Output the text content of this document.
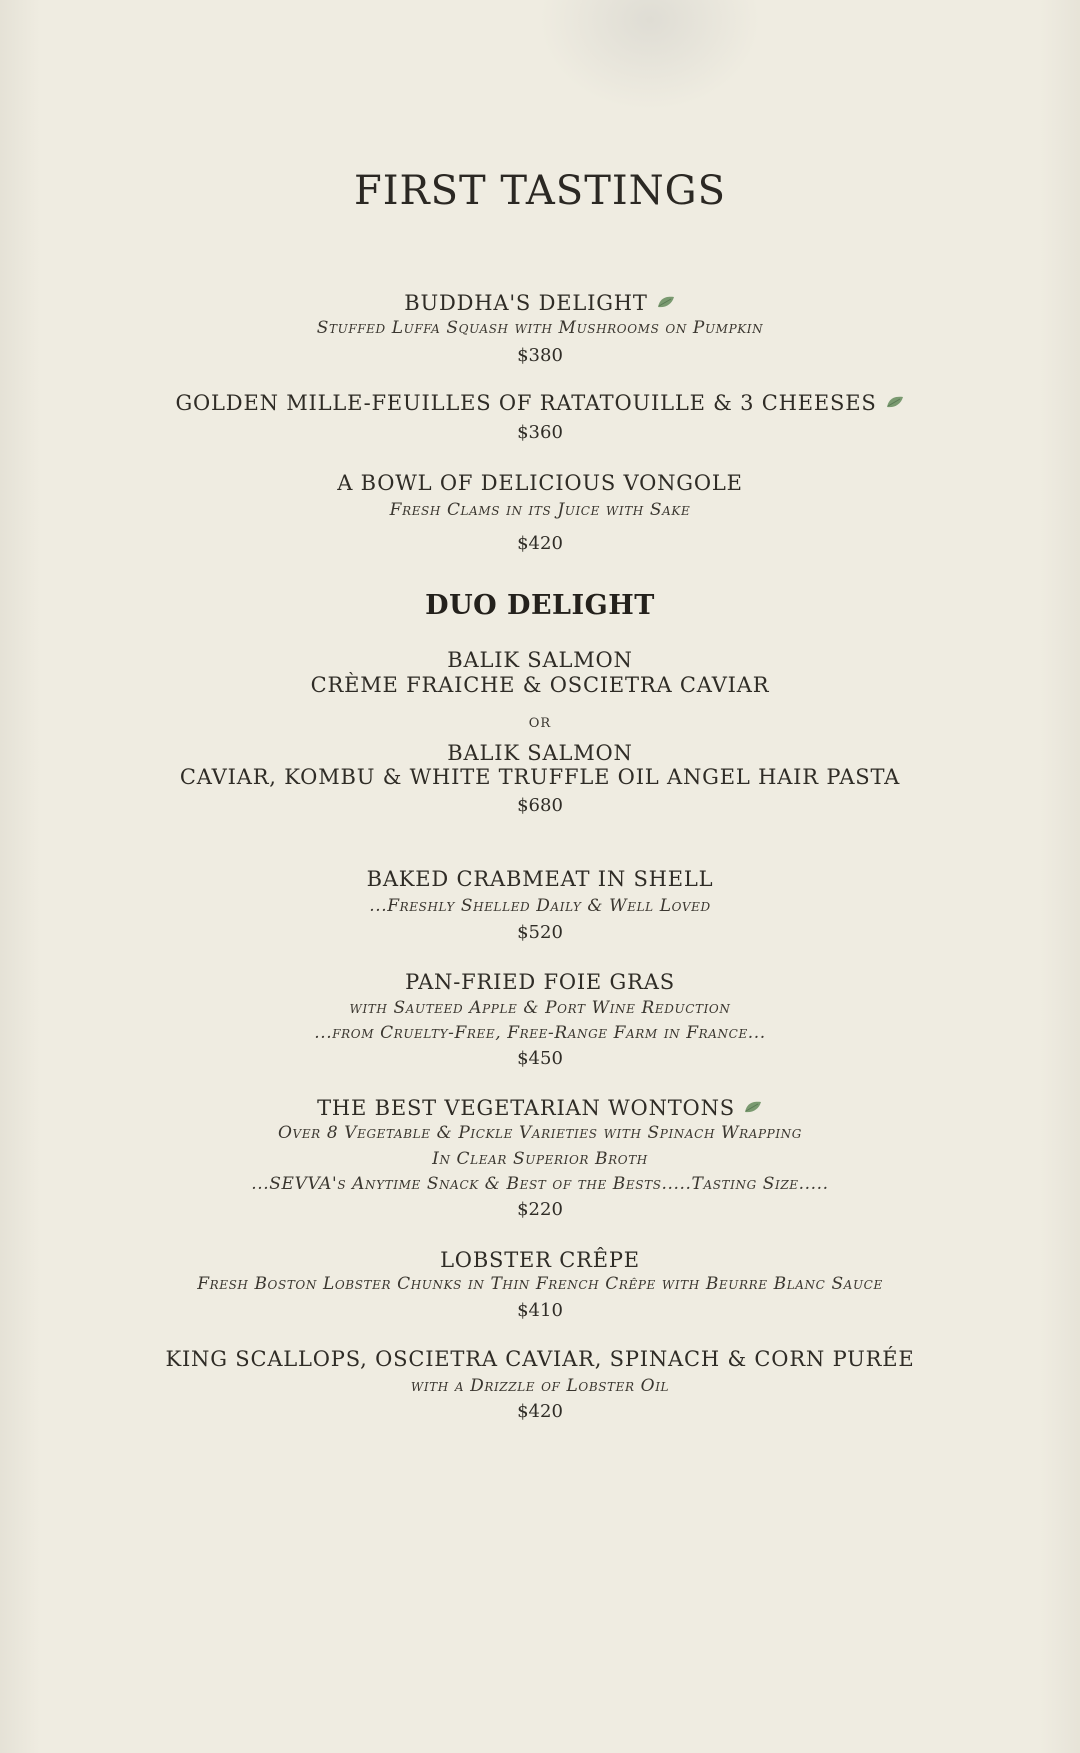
FIRST TASTINGS
BUDDHA'S DELIGHT
Stuffed Luffa Squash with Mushrooms on Pumpkin
$380
GOLDEN MILLE-FEUILLES OF RATATOUILLE & 3 CHEESES
$360
A BOWL OF DELICIOUS VONGOLE
Fresh Clams in its Juice with Sake
$420
DUO DELIGHT
BALIK SALMON
CRÈME FRAICHE & OSCIETRA CAVIAR
OR
BALIK SALMON
CAVIAR, KOMBU & WHITE TRUFFLE OIL ANGEL HAIR PASTA
$680
BAKED CRABMEAT IN SHELL
...Freshly Shelled Daily & Well Loved
$520
PAN-FRIED FOIE GRAS
with Sauteed Apple & Port Wine Reduction
...from Cruelty-Free, Free-Range Farm in France...
$450
THE BEST VEGETARIAN WONTONS
Over 8 Vegetable & Pickle Varieties with Spinach Wrapping
In Clear Superior Broth
...SEVVA's Anytime Snack & Best of the Bests.....Tasting Size.....
$220
LOBSTER CRÊPE
Fresh Boston Lobster Chunks in Thin French Crêpe with Beurre Blanc Sauce
$410
KING SCALLOPS, OSCIETRA CAVIAR, SPINACH & CORN PURÉE
with a Drizzle of Lobster Oil
$420
